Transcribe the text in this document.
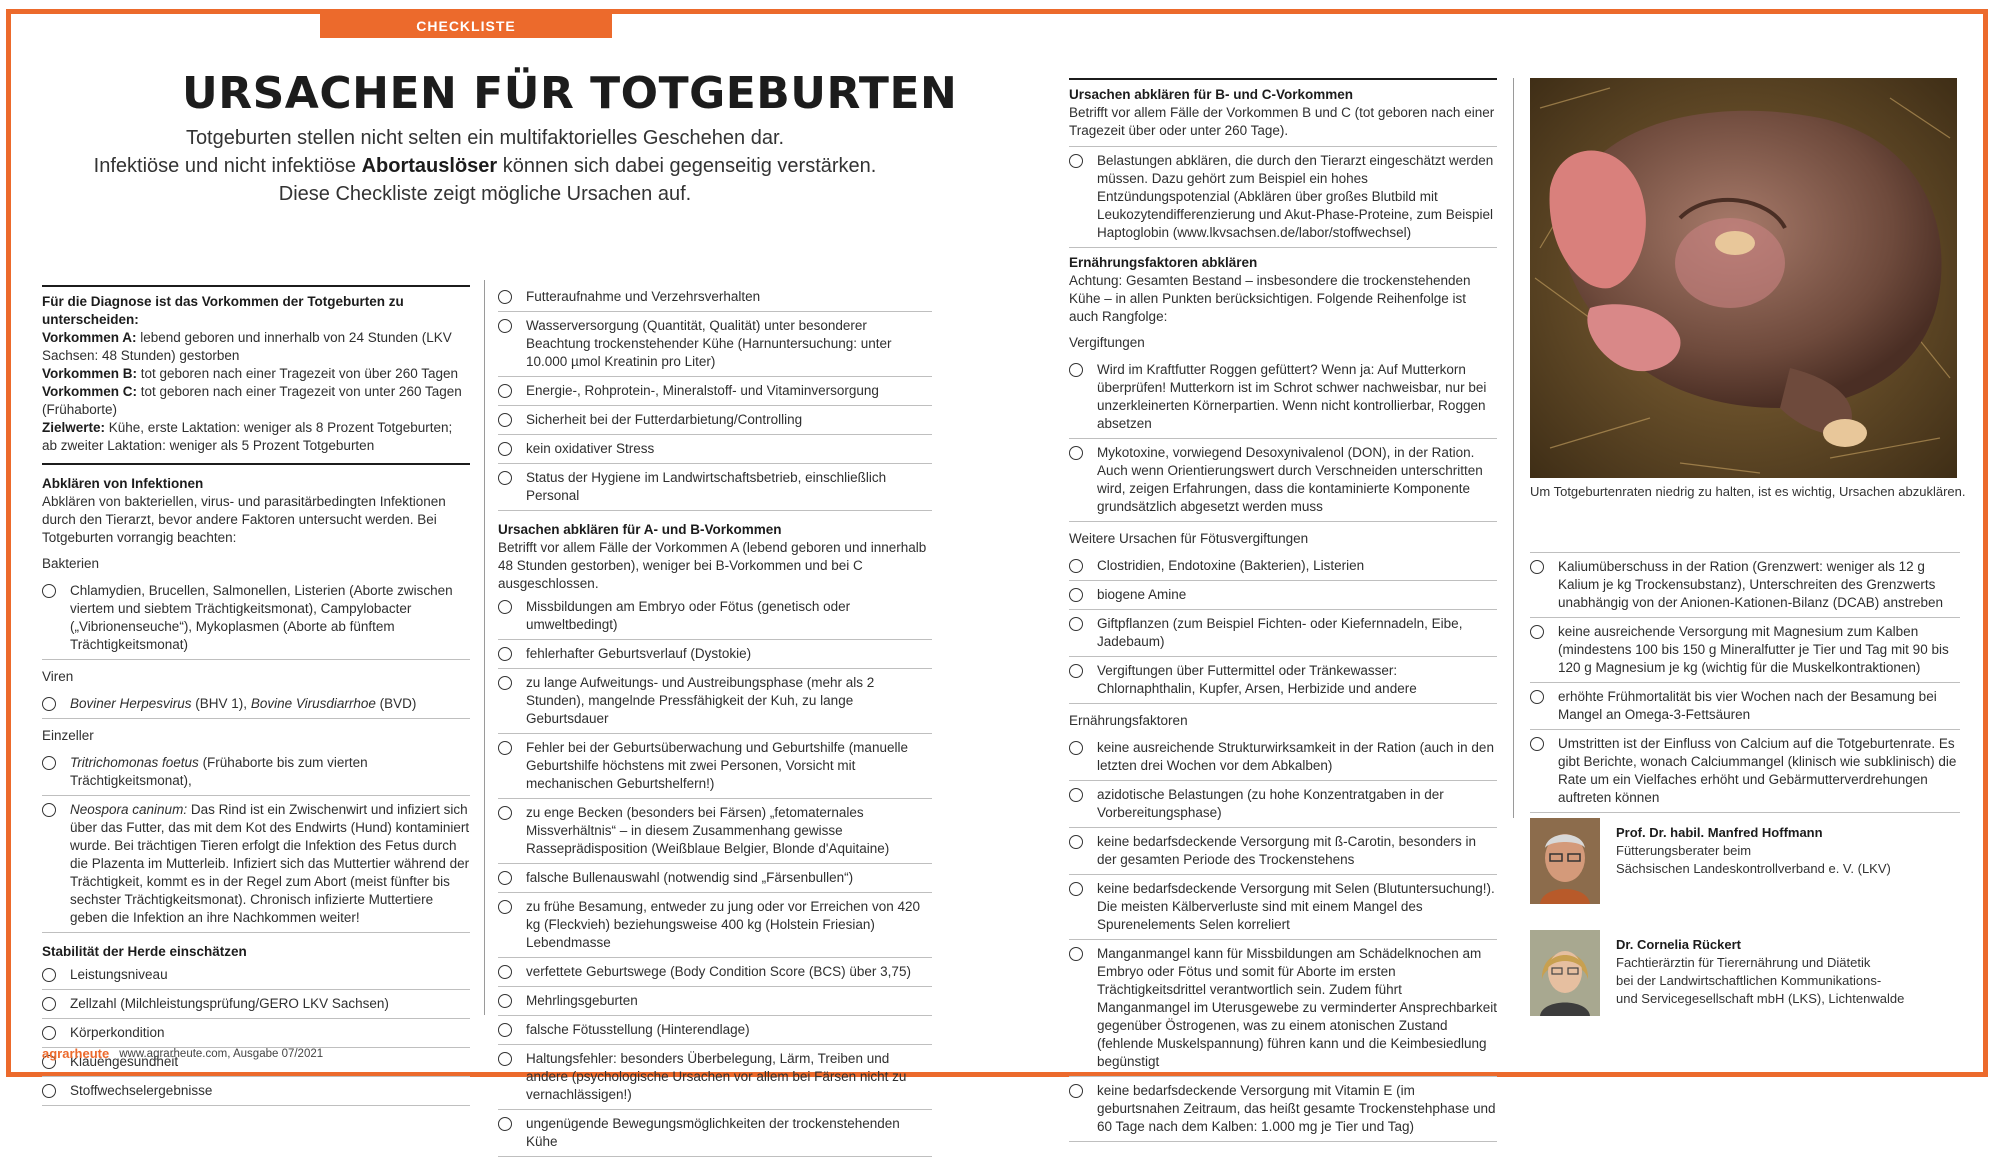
CHECKLISTE
URSACHEN FÜR TOTGEBURTEN
Totgeburten stellen nicht selten ein multifaktorielles Geschehen dar.
Infektiöse und nicht infektiöse Abortauslöser können sich dabei gegenseitig verstärken.
Diese Checkliste zeigt mögliche Ursachen auf.
Für die Diagnose ist das Vorkommen der Totgeburten zu unterscheiden:
Vorkommen A: lebend geboren und innerhalb von 24 Stunden (LKV Sachsen: 48 Stunden) gestorben
Vorkommen B: tot geboren nach einer Tragezeit von über 260 Tagen
Vorkommen C: tot geboren nach einer Tragezeit von unter 260 Tagen (Frühaborte)
Zielwerte: Kühe, erste Laktation: weniger als 8 Prozent Totgeburten; ab zweiter Laktation: weniger als 5 Prozent Totgeburten
Abklären von Infektionen
Abklären von bakteriellen, virus- und parasitärbedingten Infektionen durch den Tierarzt, bevor andere Faktoren untersucht werden. Bei Totgeburten vorrangig beachten:
Bakterien
Chlamydien, Brucellen, Salmonellen, Listerien (Aborte zwischen viertem und siebtem Trächtigkeitsmonat), Campylobacter („Vibrionenseuche“), Mykoplasmen (Aborte ab fünftem Trächtigkeitsmonat)
Viren
Boviner Herpesvirus (BHV 1), Bovine Virusdiarrhoe (BVD)
Einzeller
Tritrichomonas foetus (Frühaborte bis zum vierten Trächtigkeitsmonat),
Neospora caninum: Das Rind ist ein Zwischenwirt und infiziert sich über das Futter, das mit dem Kot des Endwirts (Hund) kontaminiert wurde. Bei trächtigen Tieren erfolgt die Infektion des Fetus durch die Plazenta im Mutterleib. Infiziert sich das Muttertier während der Trächtigkeit, kommt es in der Regel zum Abort (meist fünfter bis sechster Trächtigkeitsmonat). Chronisch infizierte Muttertiere geben die Infektion an ihre Nachkommen weiter!
Stabilität der Herde einschätzen
Leistungsniveau
Zellzahl (Milchleistungsprüfung/GERO LKV Sachsen)
Körperkondition
Klauengesundheit
Stoffwechselergebnisse
Futteraufnahme und Verzehrsverhalten
Wasserversorgung (Quantität, Qualität) unter besonderer Beachtung trockenstehender Kühe (Harnuntersuchung: unter 10.000 µmol Kreatinin pro Liter)
Energie-, Rohprotein-, Mineralstoff- und Vitaminversorgung
Sicherheit bei der Futterdarbietung/Controlling
kein oxidativer Stress
Status der Hygiene im Landwirtschaftsbetrieb, einschließlich Personal
Ursachen abklären für A- und B-Vorkommen
Betrifft vor allem Fälle der Vorkommen A (lebend geboren und innerhalb 48 Stunden gestorben), weniger bei B-Vorkommen und bei C ausgeschlossen.
Missbildungen am Embryo oder Fötus (genetisch oder umweltbedingt)
fehlerhafter Geburtsverlauf (Dystokie)
zu lange Aufweitungs- und Austreibungsphase (mehr als 2 Stunden), mangelnde Pressfähigkeit der Kuh, zu lange Geburtsdauer
Fehler bei der Geburtsüberwachung und Geburtshilfe (manuelle Geburtshilfe höchstens mit zwei Personen, Vorsicht mit mechanischen Geburtshelfern!)
zu enge Becken (besonders bei Färsen) „fetomaternales Missverhältnis“ – in diesem Zusammenhang gewisse Rasseprädisposition (Weißblaue Belgier, Blonde d'Aquitaine)
falsche Bullenauswahl (notwendig sind „Färsenbullen“)
zu frühe Besamung, entweder zu jung oder vor Erreichen von 420 kg (Fleckvieh) beziehungsweise 400 kg (Holstein Friesian) Lebendmasse
verfettete Geburtswege (Body Condition Score (BCS) über 3,75)
Mehrlingsgeburten
falsche Fötusstellung (Hinterendlage)
Haltungsfehler: besonders Überbelegung, Lärm, Treiben und andere (psychologische Ursachen vor allem bei Färsen nicht zu vernachlässigen!)
ungenügende Bewegungsmöglichkeiten der trockenstehenden Kühe
Ursachen abklären für B- und C-Vorkommen
Betrifft vor allem Fälle der Vorkommen B und C (tot geboren nach einer Tragezeit über oder unter 260 Tage).
Belastungen abklären, die durch den Tierarzt eingeschätzt werden müssen. Dazu gehört zum Beispiel ein hohes Entzündungspotenzial (Abklären über großes Blutbild mit Leukozytendifferenzierung und Akut-Phase-Proteine, zum Beispiel Haptoglobin (www.lkvsachsen.de/labor/stoffwechsel)
Ernährungsfaktoren abklären
Achtung: Gesamten Bestand – insbesondere die trockenstehenden Kühe – in allen Punkten berücksichtigen. Folgende Reihenfolge ist auch Rangfolge:
Vergiftungen
Wird im Kraftfutter Roggen gefüttert? Wenn ja: Auf Mutterkorn überprüfen! Mutterkorn ist im Schrot schwer nachweisbar, nur bei unzerkleinerten Körnerpartien. Wenn nicht kontrollierbar, Roggen absetzen
Mykotoxine, vorwiegend Desoxynivalenol (DON), in der Ration. Auch wenn Orientierungswert durch Verschneiden unterschritten wird, zeigen Erfahrungen, dass die kontaminierte Komponente grundsätzlich abgesetzt werden muss
Weitere Ursachen für Fötusvergiftungen
Clostridien, Endotoxine (Bakterien), Listerien
biogene Amine
Giftpflanzen (zum Beispiel Fichten- oder Kiefernnadeln, Eibe, Jadebaum)
Vergiftungen über Futtermittel oder Tränkewasser: Chlornaphthalin, Kupfer, Arsen, Herbizide und andere
Ernährungsfaktoren
keine ausreichende Strukturwirksamkeit in der Ration (auch in den letzten drei Wochen vor dem Abkalben)
azidotische Belastungen (zu hohe Konzentratgaben in der Vorbereitungsphase)
keine bedarfsdeckende Versorgung mit ß-Carotin, besonders in der gesamten Periode des Trockenstehens
keine bedarfsdeckende Versorgung mit Selen (Blutuntersuchung!). Die meisten Kälberverluste sind mit einem Mangel des Spurenelements Selen korreliert
Manganmangel kann für Missbildungen am Schädelknochen am Embryo oder Fötus und somit für Aborte im ersten Trächtigkeitsdrittel verantwortlich sein. Zudem führt Manganmangel im Uterusgewebe zu verminderter Ansprechbarkeit gegenüber Östrogenen, was zu einem atonischen Zustand (fehlende Muskelspannung) führen kann und die Keimbesiedlung begünstigt
keine bedarfsdeckende Versorgung mit Vitamin E (im geburtsnahen Zeitraum, das heißt gesamte Trockenstehphase und 60 Tage nach dem Kalben: 1.000 mg je Tier und Tag)
Um Totgeburtenraten niedrig zu halten, ist es wichtig, Ursachen abzuklären.
Kaliumüberschuss in der Ration (Grenzwert: weniger als 12 g Kalium je kg Trockensubstanz), Unterschreiten des Grenzwerts unabhängig von der Anionen-Kationen-Bilanz (DCAB) anstreben
keine ausreichende Versorgung mit Magnesium zum Kalben (mindestens 100 bis 150 g Mineralfutter je Tier und Tag mit 90 bis 120 g Magnesium je kg (wichtig für die Muskelkontraktionen)
erhöhte Frühmortalität bis vier Wochen nach der Besamung bei Mangel an Omega-3-Fettsäuren
Umstritten ist der Einfluss von Calcium auf die Totgeburtenrate. Es gibt Berichte, wonach Calciummangel (klinisch wie subklinisch) die Rate um ein Vielfaches erhöht und Gebärmutterverdrehungen auftreten können
Prof. Dr. habil. Manfred Hoffmann
Fütterungsberater beim
Sächsischen Landeskontrollverband e. V. (LKV)
Dr. Cornelia Rückert
Fachtierärztin für Tierernährung und Diätetik
bei der Landwirtschaftlichen Kommunikations-
und Servicegesellschaft mbH (LKS), Lichtenwalde
agrarheute www.agrarheute.com, Ausgabe 07/2021
